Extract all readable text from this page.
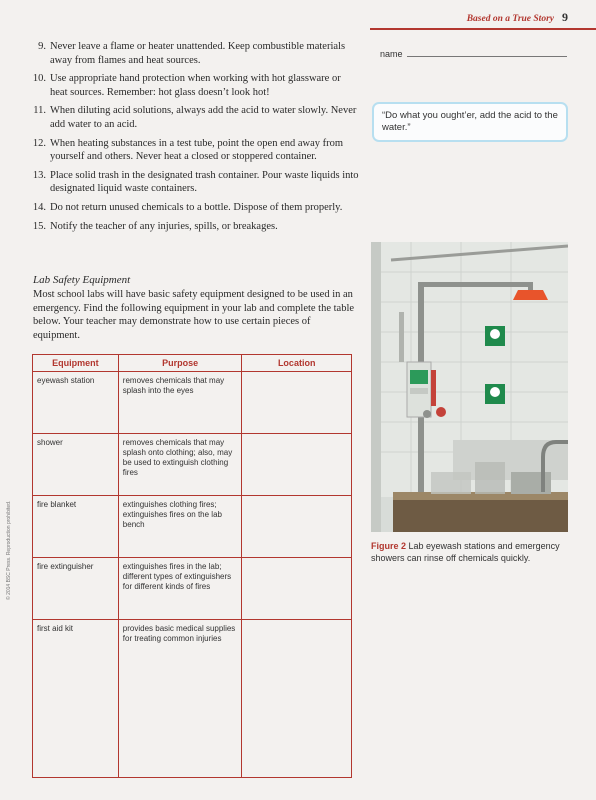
Based on a True Story 9
9. Never leave a flame or heater unattended. Keep combustible materials away from flames and heat sources.
10. Use appropriate hand protection when working with hot glassware or heat sources. Remember: hot glass doesn’t look hot!
11. When diluting acid solutions, always add the acid to water slowly. Never add water to an acid.
12. When heating substances in a test tube, point the open end away from yourself and others. Never heat a closed or stoppered container.
13. Place solid trash in the designated trash container. Pour waste liquids into designated liquid waste containers.
14. Do not return unused chemicals to a bottle. Dispose of them properly.
15. Notify the teacher of any injuries, spills, or breakages.
Lab Safety Equipment
Most school labs will have basic safety equipment designed to be used in an emergency. Find the following equipment in your lab and complete the table below. Your teacher may demonstrate how to use certain pieces of equipment.
Equipment	Purpose	Location
eyewash station	removes chemicals that may splash into the eyes	
shower	removes chemicals that may splash onto clothing; also, may be used to extinguish clothing fires	
fire blanket	extinguishes clothing fires; extinguishes fires on the lab bench	
fire extinguisher	extinguishes fires in the lab; different types of extinguishers for different kinds of fires	
first aid kit	provides basic medical supplies for treating common injuries	
name
“Do what you ought’er, add the acid to the water.”
Figure 2 Lab eyewash stations and emergency showers can rinse off chemicals quickly.
© 2014 BSC Press. Reproduction prohibited.
